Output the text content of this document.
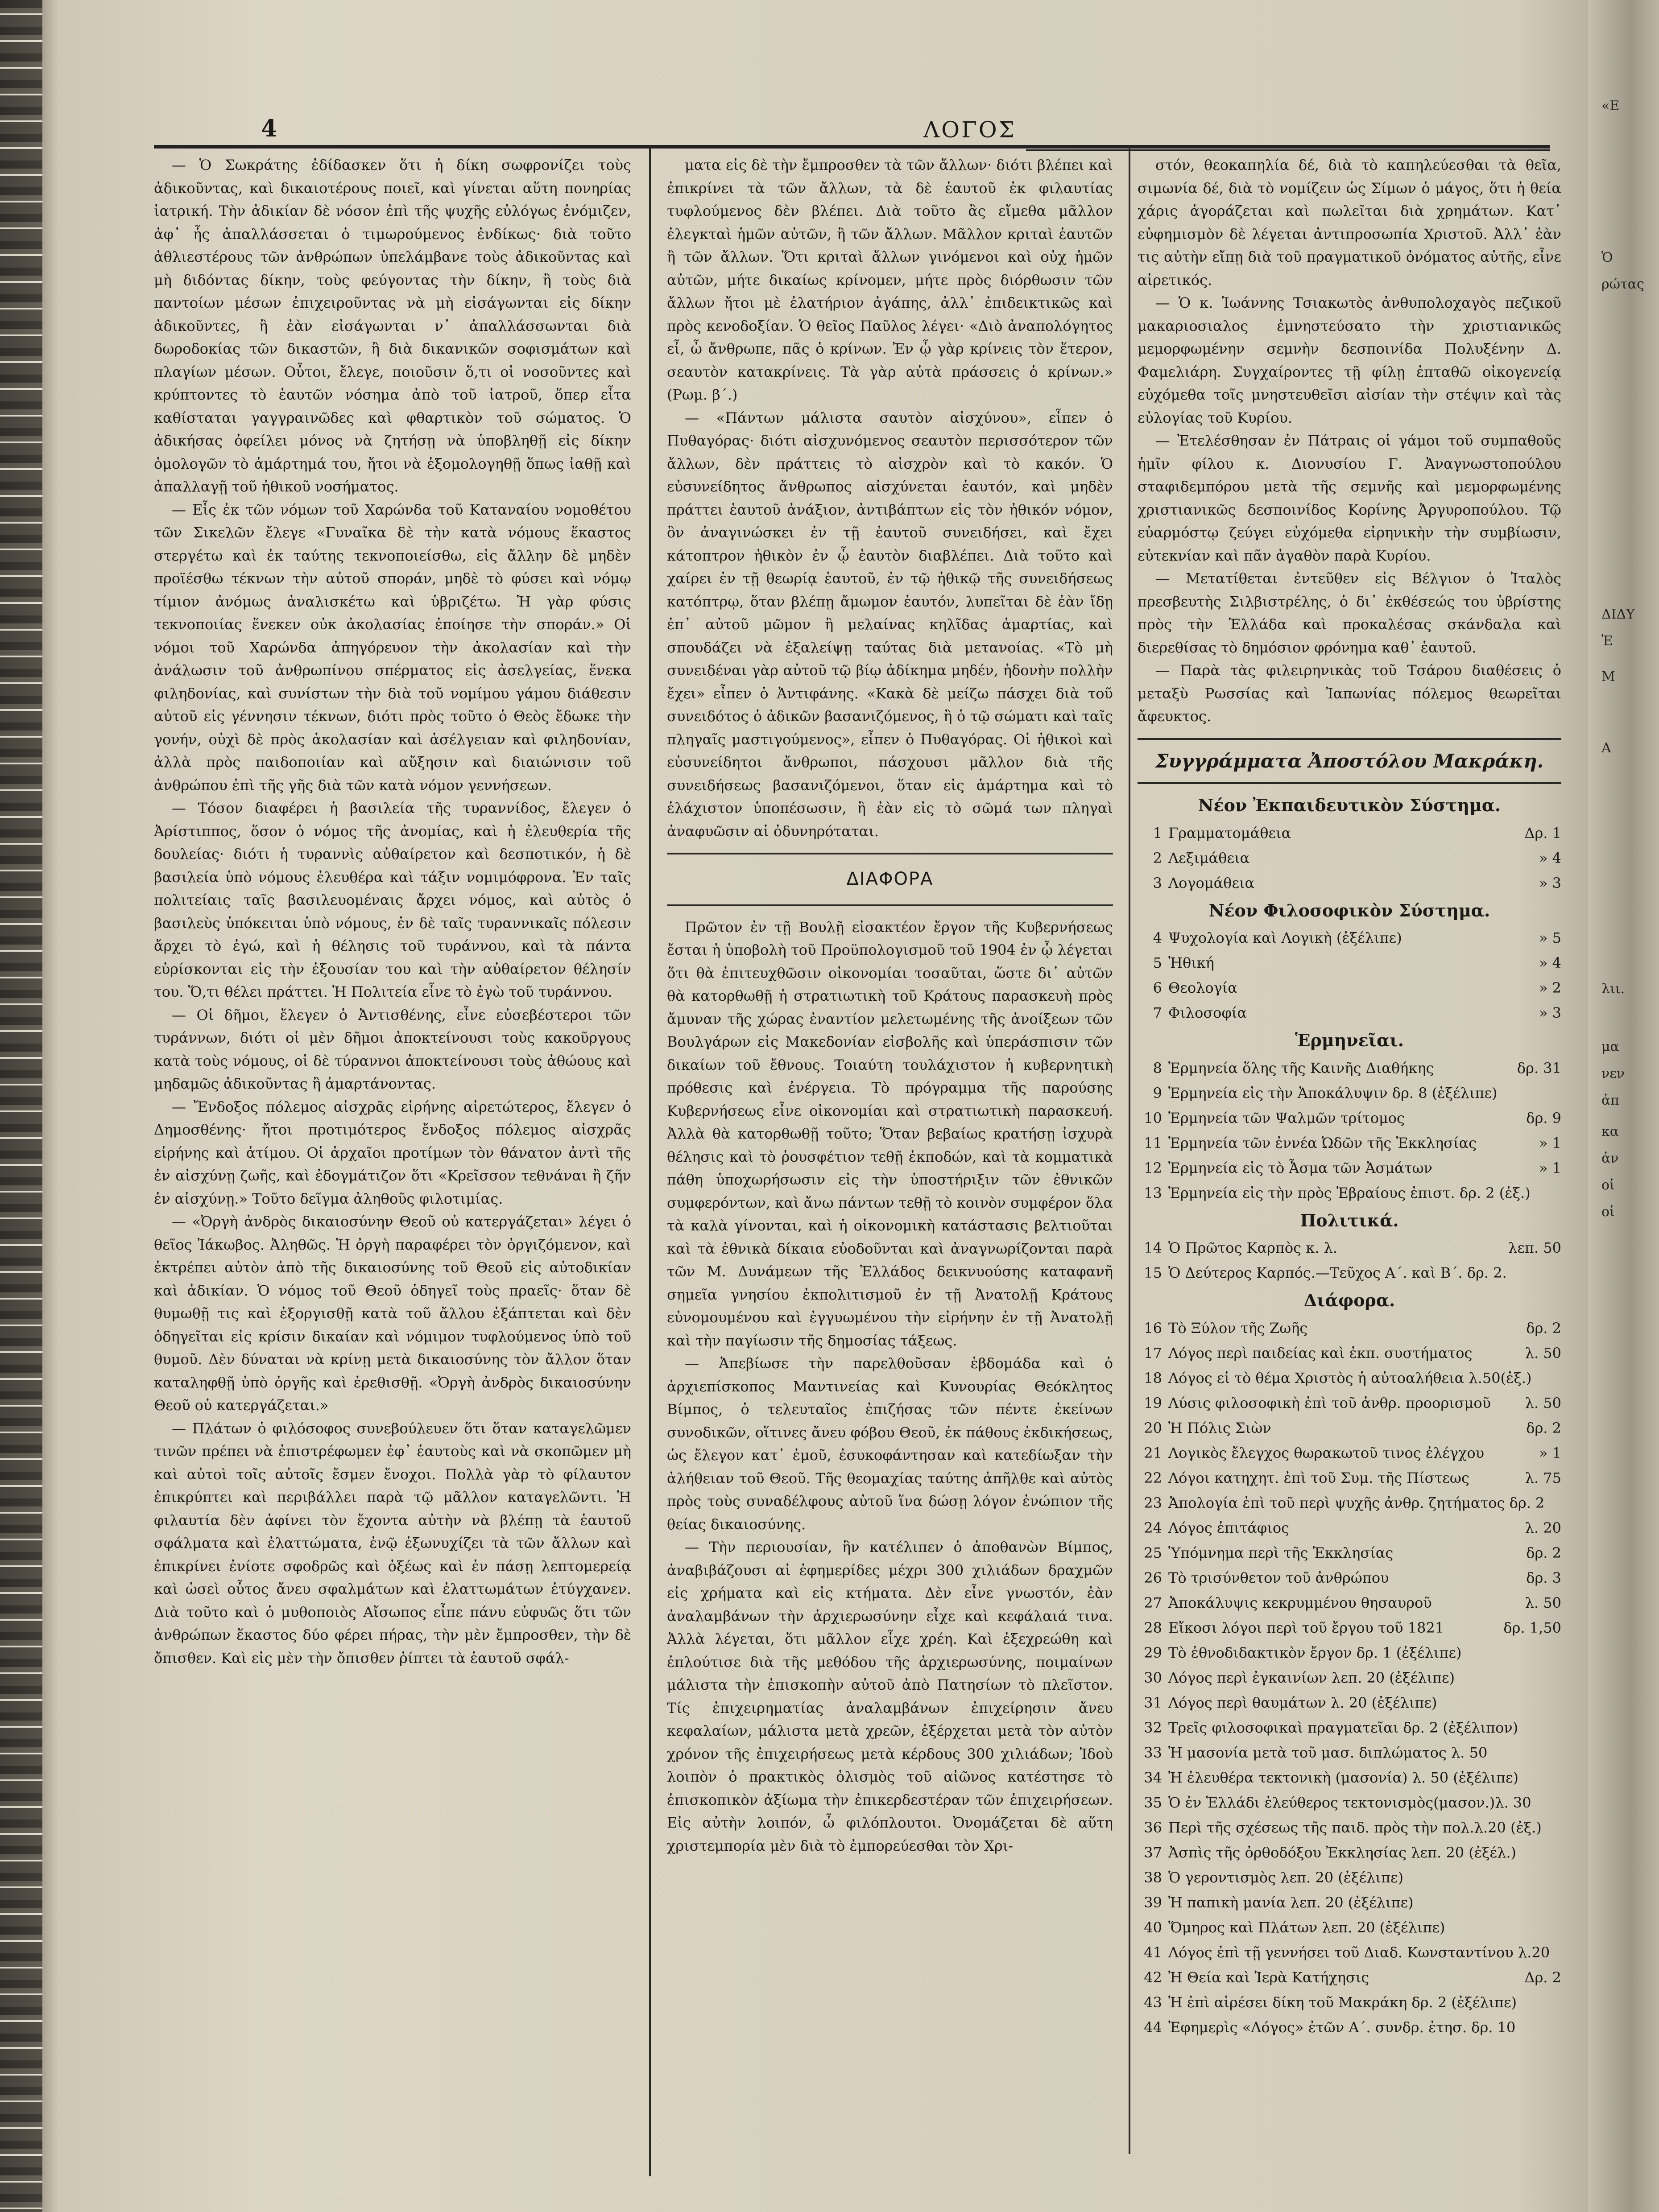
4	ΛΟΓΟΣ

— Ὁ Σωκράτης ἐδίδασκεν ὅτι ἡ δίκη σωφρονίζει τοὺς ἀδικοῦντας, καὶ δικαιοτέρους ποιεῖ, καὶ γίνεται αὕτη πονηρίας ἰατρική. Τὴν ἀδικίαν δὲ νόσον ἐπὶ τῆς ψυχῆς εὐλόγως ἐνόμιζεν, ἀφ᾽ ἧς ἀπαλλάσσεται ὁ τιμωρούμενος ἐνδίκως· διὰ τοῦτο ἀθλιεστέρους τῶν ἀνθρώπων ὑπελάμβανε τοὺς ἀδικοῦντας καὶ μὴ διδόντας δίκην, τοὺς φεύγοντας τὴν δίκην, ἢ τοὺς διὰ παντοίων μέσων ἐπιχειροῦντας νὰ μὴ εἰσάγωνται εἰς δίκην ἀδικοῦντες, ἢ ἐὰν εἰσάγωνται ν᾽ ἀπαλλάσσωνται διὰ δωροδοκίας τῶν δικαστῶν, ἢ διὰ δικανικῶν σοφισμάτων καὶ πλαγίων μέσων. Οὗτοι, ἔλεγε, ποιοῦσιν ὅ,τι οἱ νοσοῦντες καὶ κρύπτοντες τὸ ἑαυτῶν νόσημα ἀπὸ τοῦ ἰατροῦ, ὅπερ εἶτα καθίσταται γαγγραινῶδες καὶ φθαρτικὸν τοῦ σώματος. Ὁ ἀδικήσας ὀφείλει μόνος νὰ ζητήσῃ νὰ ὑποβληθῇ εἰς δίκην ὁμολογῶν τὸ ἁμάρτημά του, ἤτοι νὰ ἐξομολογηθῇ ὅπως ἰαθῇ καὶ ἀπαλλαγῇ τοῦ ἠθικοῦ νοσήματος.

— Εἷς ἐκ τῶν νόμων τοῦ Χαρώνδα τοῦ Καταναίου νομοθέτου τῶν Σικελῶν ἔλεγε «Γυναῖκα δὲ τὴν κατὰ νόμους ἕκαστος στεργέτω καὶ ἐκ ταύτης τεκνοποιείσθω, εἰς ἄλλην δὲ μηδὲν προϊέσθω τέκνων τὴν αὐτοῦ σποράν, μηδὲ τὸ φύσει καὶ νόμῳ τίμιον ἀνόμως ἀναλισκέτω καὶ ὑβριζέτω. Ἡ γὰρ φύσις τεκνοποιίας ἕνεκεν οὐκ ἀκολασίας ἐποίησε τὴν σποράν.» Οἱ νόμοι τοῦ Χαρώνδα ἀπηγόρευον τὴν ἀκολασίαν καὶ τὴν ἀνάλωσιν τοῦ ἀνθρωπίνου σπέρματος εἰς ἀσελγείας, ἕνεκα φιληδονίας, καὶ συνίστων τὴν διὰ τοῦ νομίμου γάμου διάθεσιν αὐτοῦ εἰς γέννησιν τέκνων, διότι πρὸς τοῦτο ὁ Θεὸς ἔδωκε τὴν γονήν, οὐχὶ δὲ πρὸς ἀκολασίαν καὶ ἀσέλγειαν καὶ φιληδονίαν, ἀλλὰ πρὸς παιδοποιίαν καὶ αὔξησιν καὶ διαιώνισιν τοῦ ἀνθρώπου ἐπὶ τῆς γῆς διὰ τῶν κατὰ νόμον γεννήσεων.

— Τόσον διαφέρει ἡ βασιλεία τῆς τυραννίδος, ἔλεγεν ὁ Ἀρίστιππος, ὅσον ὁ νόμος τῆς ἀνομίας, καὶ ἡ ἐλευθερία τῆς δουλείας· διότι ἡ τυραννὶς αὐθαίρετον καὶ δεσποτικόν, ἡ δὲ βασιλεία ὑπὸ νόμους ἐλευθέρα καὶ τάξιν νομιμόφρονα. Ἐν ταῖς πολιτείαις ταῖς βασιλευομέναις ἄρχει νόμος, καὶ αὐτὸς ὁ βασιλεὺς ὑπόκειται ὑπὸ νόμους, ἐν δὲ ταῖς τυραννικαῖς πόλεσιν ἄρχει τὸ ἐγώ, καὶ ἡ θέλησις τοῦ τυράννου, καὶ τὰ πάντα εὑρίσκονται εἰς τὴν ἐξουσίαν του καὶ τὴν αὐθαίρετον θέλησίν του. Ὅ,τι θέλει πράττει. Ἡ Πολιτεία εἶνε τὸ ἐγὼ τοῦ τυράννου.

— Οἱ δῆμοι, ἔλεγεν ὁ Ἀντισθένης, εἶνε εὐσεβέστεροι τῶν τυράννων, διότι οἱ μὲν δῆμοι ἀποκτείνουσι τοὺς κακοῦργους κατὰ τοὺς νόμους, οἱ δὲ τύραννοι ἀποκτείνουσι τοὺς ἀθώους καὶ μηδαμῶς ἀδικοῦντας ἢ ἁμαρτάνοντας.

— Ἔνδοξος πόλεμος αἰσχρᾶς εἰρήνης αἱρετώτερος, ἔλεγεν ὁ Δημοσθένης· ἤτοι προτιμότερος ἔνδοξος πόλεμος αἰσχρᾶς εἰρήνης καὶ ἀτίμου. Οἱ ἀρχαῖοι προτίμων τὸν θάνατον ἀντὶ τῆς ἐν αἰσχύνῃ ζωῆς, καὶ ἐδογμάτιζον ὅτι «Κρεῖσσον τεθνάναι ἢ ζῆν ἐν αἰσχύνῃ.» Τοῦτο δεῖγμα ἀληθοῦς φιλοτιμίας.

— «Ὀργὴ ἀνδρὸς δικαιοσύνην Θεοῦ οὐ κατεργάζεται» λέγει ὁ θεῖος Ἰάκωβος. Ἀληθῶς. Ἡ ὀργὴ παραφέρει τὸν ὀργιζόμενον, καὶ ἐκτρέπει αὐτὸν ἀπὸ τῆς δικαιοσύνης τοῦ Θεοῦ εἰς αὐτοδικίαν καὶ ἀδικίαν. Ὁ νόμος τοῦ Θεοῦ ὁδηγεῖ τοὺς πραεῖς· ὅταν δὲ θυμωθῇ τις καὶ ἐξοργισθῇ κατὰ τοῦ ἄλλου ἐξάπτεται καὶ δὲν ὁδηγεῖται εἰς κρίσιν δικαίαν καὶ νόμιμον τυφλούμενος ὑπὸ τοῦ θυμοῦ. Δὲν δύναται νὰ κρίνῃ μετὰ δικαιοσύνης τὸν ἄλλον ὅταν καταληφθῇ ὑπὸ ὀργῆς καὶ ἐρεθισθῇ. «Ὀργὴ ἀνδρὸς δικαιοσύνην Θεοῦ οὐ κατεργάζεται.»

— Πλάτων ὁ φιλόσοφος συνεβούλευεν ὅτι ὅταν καταγελῶμεν τινῶν πρέπει νὰ ἐπιστρέφωμεν ἐφ᾽ ἑαυτοὺς καὶ νὰ σκοπῶμεν μὴ καὶ αὐτοὶ τοῖς αὐτοῖς ἔσμεν ἔνοχοι. Πολλὰ γὰρ τὸ φίλαυτον ἐπικρύπτει καὶ περιβάλλει παρὰ τῷ μᾶλλον καταγελῶντι. Ἡ φιλαυτία δὲν ἀφίνει τὸν ἔχοντα αὐτὴν νὰ βλέπῃ τὰ ἑαυτοῦ σφάλματα καὶ ἐλαττώματα, ἐνῷ ἐξωνυχίζει τὰ τῶν ἄλλων καὶ ἐπικρίνει ἐνίοτε σφοδρῶς καὶ ὀξέως καὶ ἐν πάσῃ λεπτομερείᾳ καὶ ὡσεὶ οὗτος ἄνευ σφαλμάτων καὶ ἐλαττωμάτων ἐτύγχανεν. Διὰ τοῦτο καὶ ὁ μυθοποιὸς Αἴσωπος εἶπε πάνυ εὐφυῶς ὅτι τῶν ἀνθρώπων ἕκαστος δύο φέρει πήρας, τὴν μὲν ἔμπροσθεν, τὴν δὲ ὄπισθεν. Καὶ εἰς μὲν τὴν ὄπισθεν ῥίπτει τὰ ἑαυτοῦ σφάλ-

ματα εἰς δὲ τὴν ἔμπροσθεν τὰ τῶν ἄλλων· διότι βλέπει καὶ ἐπικρίνει τὰ τῶν ἄλλων, τὰ δὲ ἑαυτοῦ ἐκ φιλαυτίας τυφλούμενος δὲν βλέπει. Διὰ τοῦτο ἂς εἴμεθα μᾶλλον ἐλεγκταὶ ἡμῶν αὐτῶν, ἢ τῶν ἄλλων. Μᾶλλον κριταὶ ἑαυτῶν ἢ τῶν ἄλλων. Ὅτι κριταὶ ἄλλων γινόμενοι καὶ οὐχ ἡμῶν αὐτῶν, μήτε δικαίως κρίνομεν, μήτε πρὸς διόρθωσιν τῶν ἄλλων ἤτοι μὲ ἐλατήριον ἀγάπης, ἀλλ᾽ ἐπιδεικτικῶς καὶ πρὸς κενοδοξίαν. Ὁ θεῖος Παῦλος λέγει· «Διὸ ἀναπολόγητος εἶ, ὦ ἄνθρωπε, πᾶς ὁ κρίνων. Ἐν ᾧ γὰρ κρίνεις τὸν ἕτερον, σεαυτὸν κατακρίνεις. Τὰ γὰρ αὐτὰ πράσσεις ὁ κρίνων.» (Ρωμ. β΄.)

— «Πάντων μάλιστα σαυτὸν αἰσχύνου», εἶπεν ὁ Πυθαγόρας· διότι αἰσχυνόμενος σεαυτὸν περισσότερον τῶν ἄλλων, δὲν πράττεις τὸ αἰσχρὸν καὶ τὸ κακόν. Ὁ εὐσυνείδητος ἄνθρωπος αἰσχύνεται ἑαυτόν, καὶ μηδὲν πράττει ἑαυτοῦ ἀνάξιον, ἀντιβάπτων εἰς τὸν ἠθικόν νόμον, ὃν ἀναγινώσκει ἐν τῇ ἑαυτοῦ συνειδήσει, καὶ ἔχει κάτοπτρον ἠθικὸν ἐν ᾧ ἑαυτὸν διαβλέπει. Διὰ τοῦτο καὶ χαίρει ἐν τῇ θεωρίᾳ ἑαυτοῦ, ἐν τῷ ἠθικῷ τῆς συνειδήσεως κατόπτρῳ, ὅταν βλέπῃ ἄμωμον ἑαυτόν, λυπεῖται δὲ ἐὰν ἴδῃ ἐπ᾽ αὐτοῦ μῶμον ἢ μελαίνας κηλῖδας ἁμαρτίας, καὶ σπουδάζει νὰ ἐξαλείψῃ ταύτας διὰ μετανοίας. «Τὸ μὴ συνειδέναι γὰρ αὐτοῦ τῷ βίῳ ἀδίκημα μηδέν, ἡδονὴν πολλὴν ἔχει» εἶπεν ὁ Ἀντιφάνης. «Κακὰ δὲ μείζω πάσχει διὰ τοῦ συνειδότος ὁ ἀδικῶν βασανιζόμενος, ἢ ὁ τῷ σώματι καὶ ταῖς πληγαῖς μαστιγούμενος», εἶπεν ὁ Πυθαγόρας. Οἱ ἠθικοὶ καὶ εὐσυνείδητοι ἄνθρωποι, πάσχουσι μᾶλλον διὰ τῆς συνειδήσεως βασανιζόμενοι, ὅταν εἰς ἁμάρτημα καὶ τὸ ἐλάχιστον ὑποπέσωσιν, ἢ ἐὰν εἰς τὸ σῶμά των πληγαὶ ἀναφυῶσιν αἱ ὀδυνηρόταται.

ΔΙΑΦΟΡΑ

Πρῶτον ἐν τῇ Βουλῇ εἰσακτέον ἔργον τῆς Κυβερνήσεως ἔσται ἡ ὑποβολὴ τοῦ Προϋπολογισμοῦ τοῦ 1904 ἐν ᾧ λέγεται ὅτι θὰ ἐπιτευχθῶσιν οἰκονομίαι τοσαῦται, ὥστε δι᾽ αὐτῶν θὰ κατορθωθῇ ἡ στρατιωτικὴ τοῦ Κράτους παρασκευὴ πρὸς ἄμυναν τῆς χώρας ἐναντίον μελετωμένης τῆς ἀνοίξεων τῶν Βουλγάρων εἰς Μακεδονίαν εἰσβολῆς καὶ ὑπεράσπισιν τῶν δικαίων τοῦ ἔθνους. Τοιαύτη τουλάχιστον ἡ κυβερνητικὴ πρόθεσις καὶ ἐνέργεια. Τὸ πρόγραμμα τῆς παρούσης Κυβερνήσεως εἶνε οἰκονομίαι καὶ στρατιωτικὴ παρασκευή. Ἀλλὰ θὰ κατορθωθῇ τοῦτο; Ὅταν βεβαίως κρατήσῃ ἰσχυρὰ θέλησις καὶ τὸ ῥουσφέτιον τεθῇ ἐκποδών, καὶ τὰ κομματικὰ πάθη ὑποχωρήσωσιν εἰς τὴν ὑποστήριξιν τῶν ἐθνικῶν συμφερόντων, καὶ ἄνω πάντων τεθῇ τὸ κοινὸν συμφέρον ὅλα τὰ καλὰ γίνονται, καὶ ἡ οἰκονομικὴ κατάστασις βελτιοῦται καὶ τὰ ἐθνικὰ δίκαια εὐοδοῦνται καὶ ἀναγνωρίζονται παρὰ τῶν Μ. Δυνάμεων τῆς Ἑλλάδος δεικνυούσης καταφανῆ σημεῖα γνησίου ἐκπολιτισμοῦ ἐν τῇ Ἀνατολῇ Κράτους εὐνομουμένου καὶ ἐγγυωμένου τὴν εἰρήνην ἐν τῇ Ἀνατολῇ καὶ τὴν παγίωσιν τῆς δημοσίας τάξεως.

— Ἀπεβίωσε τὴν παρελθοῦσαν ἑβδομάδα καὶ ὁ ἀρχιεπίσκοπος Μαντινείας καὶ Κυνουρίας Θεόκλητος Βίμπος, ὁ τελευταῖος ἐπιζήσας τῶν πέντε ἐκείνων συνοδικῶν, οἵτινες ἄνευ φόβου Θεοῦ, ἐκ πάθους ἐκδικήσεως, ὡς ἔλεγον κατ᾽ ἐμοῦ, ἐσυκοφάντησαν καὶ κατεδίωξαν τὴν ἀλήθειαν τοῦ Θεοῦ. Τῆς θεομαχίας ταύτης ἀπῆλθε καὶ αὐτὸς πρὸς τοὺς συναδέλφους αὐτοῦ ἵνα δώσῃ λόγον ἐνώπιον τῆς θείας δικαιοσύνης.

— Τὴν περιουσίαν, ἣν κατέλιπεν ὁ ἀποθανὼν Βίμπος, ἀναβιβάζουσι αἱ ἐφημερίδες μέχρι 300 χιλιάδων δραχμῶν εἰς χρήματα καὶ εἰς κτήματα. Δὲν εἶνε γνωστόν, ἐὰν ἀναλαμβάνων τὴν ἀρχιερωσύνην εἶχε καὶ κεφάλαιά τινα. Ἀλλὰ λέγεται, ὅτι μᾶλλον εἶχε χρέη. Καὶ ἐξεχρεώθη καὶ ἐπλούτισε διὰ τῆς μεθόδου τῆς ἀρχιερωσύνης, ποιμαίνων μάλιστα τὴν ἐπισκοπὴν αὐτοῦ ἀπὸ Πατησίων τὸ πλεῖστον. Τίς ἐπιχειρηματίας ἀναλαμβάνων ἐπιχείρησιν ἄνευ κεφαλαίων, μάλιστα μετὰ χρεῶν, ἐξέρχεται μετὰ τὸν αὐτὸν χρόνον τῆς ἐπιχειρήσεως μετὰ κέρδους 300 χιλιάδων; Ἰδοὺ λοιπὸν ὁ πρακτικὸς ὁλισμὸς τοῦ αἰῶνος κατέστησε τὸ ἐπισκοπικὸν ἀξίωμα τὴν ἐπικερδεστέραν τῶν ἐπιχειρήσεων. Εἰς αὐτὴν λοιπόν, ὦ φιλόπλουτοι. Ὀνομάζεται δὲ αὕτη χριστεμπορία μὲν διὰ τὸ ἐμπορεύεσθαι τὸν Χρι-

στόν, θεοκαπηλία δέ, διὰ τὸ καπηλεύεσθαι τὰ θεῖα, σιμωνία δέ, διὰ τὸ νομίζειν ὡς Σίμων ὁ μάγος, ὅτι ἡ θεία χάρις ἀγοράζεται καὶ πωλεῖται διὰ χρημάτων. Κατ᾽ εὐφημισμὸν δὲ λέγεται ἀντιπροσωπία Χριστοῦ. Ἀλλ᾽ ἐὰν τις αὐτὴν εἴπῃ διὰ τοῦ πραγματικοῦ ὀνόματος αὐτῆς, εἶνε αἱρετικός.

— Ὁ κ. Ἰωάννης Τσιακωτὸς ἀνθυπολοχαγὸς πεζικοῦ μακαριοσιαλος ἐμνηστεύσατο τὴν χριστιανικῶς μεμορφωμένην σεμνὴν δεσποινίδα Πολυξένην Δ. Φαμελιάρη. Συγχαίροντες τῇ φίλῃ ἐπταθῶ οἰκογενείᾳ εὐχόμεθα τοῖς μνηστευθεῖσι αἰσίαν τὴν στέψιν καὶ τὰς εὐλογίας τοῦ Κυρίου.

— Ἐτελέσθησαν ἐν Πάτραις οἱ γάμοι τοῦ συμπαθοῦς ἡμῖν φίλου κ. Διονυσίου Γ. Ἀναγνωστοπούλου σταφιδεμπόρου μετὰ τῆς σεμνῆς καὶ μεμορφωμένης χριστιανικῶς δεσποινίδος Κορίνης Ἀργυροπούλου. Τῷ εὐαρμόστῳ ζεύγει εὐχόμεθα εἰρηνικὴν τὴν συμβίωσιν, εὐτεκνίαν καὶ πᾶν ἀγαθὸν παρὰ Κυρίου.

— Μετατίθεται ἐντεῦθεν εἰς Βέλγιον ὁ Ἰταλὸς πρεσβευτὴς Σιλβιστρέλης, ὁ δι᾽ ἐκθέσεώς του ὑβρίστης πρὸς τὴν Ἑλλάδα καὶ προκαλέσας σκάνδαλα καὶ διερεθίσας τὸ δημόσιον φρόνημα καθ᾽ ἑαυτοῦ.

— Παρὰ τὰς φιλειρηνικὰς τοῦ Τσάρου διαθέσεις ὁ μεταξὺ Ρωσσίας καὶ Ἰαπωνίας πόλεμος θεωρεῖται ἄφευκτος.

Συγγράμματα Ἀποστόλου Μακράκη.
Νέον Ἐκπαιδευτικὸν Σύστημα.
1 Γραμματομάθεια	Δρ. 1
2 Λεξιμάθεια	» 4
3 Λογομάθεια	» 3
Νέον Φιλοσοφικὸν Σύστημα.
4 Ψυχολογία καὶ Λογικὴ (ἐξέλιπε)	» 5
5 Ἠθική	» 4
6 Θεολογία	» 2
7 Φιλοσοφία	» 3
Ἑρμηνεῖαι.
8 Ἑρμηνεία ὅλης τῆς Καινῆς Διαθήκης	δρ. 31
9 Ἑρμηνεία εἰς τὴν Ἀποκάλυψιν δρ. 8 (ἐξέλιπε)
10 Ἑρμηνεία τῶν Ψαλμῶν τρίτομος	δρ. 9
11 Ἑρμηνεία τῶν ἐννέα Ὠδῶν τῆς Ἐκκλησίας	» 1
12 Ἑρμηνεία εἰς τὸ Ἆσμα τῶν Ἀσμάτων	» 1
13 Ἑρμηνεία εἰς τὴν πρὸς Ἑβραίους ἐπιστ. δρ. 2 (ἐξ.)
Πολιτικά.
14 Ὁ Πρῶτος Καρπὸς κ. λ.	λεπ. 50
15 Ὁ Δεύτερος Καρπός.—Τεῦχος Α΄. καὶ Β΄. δρ. 2.
Διάφορα.
16 Τὸ Ξύλον τῆς Ζωῆς	δρ. 2
17 Λόγος περὶ παιδείας καὶ ἐκπ. συστήματος	λ. 50
18 Λόγος εἰ τὸ θέμα Χριστὸς ἡ αὐτοαλήθεια λ.50(ἐξ.)
19 Λύσις φιλοσοφικὴ ἐπὶ τοῦ ἀνθρ. προορισμοῦ	λ. 50
20 Ἡ Πόλις Σιὼν	δρ. 2
21 Λογικὸς ἔλεγχος θωρακωτοῦ τινος ἐλέγχου	» 1
22 Λόγοι κατηχητ. ἐπὶ τοῦ Συμ. τῆς Πίστεως	λ. 75
23 Ἀπολογία ἐπὶ τοῦ περὶ ψυχῆς ἀνθρ. ζητήματος δρ. 2
24 Λόγος ἐπιτάφιος	λ. 20
25 Ὑπόμνημα περὶ τῆς Ἐκκλησίας	δρ. 2
26 Τὸ τρισύνθετον τοῦ ἀνθρώπου	δρ. 3
27 Ἀποκάλυψις κεκρυμμένου θησαυροῦ	λ. 50
28 Εἴκοσι λόγοι περὶ τοῦ ἔργου τοῦ 1821	δρ. 1,50
29 Τὸ ἐθνοδιδακτικὸν ἔργον δρ. 1 (ἐξέλιπε)
30 Λόγος περὶ ἐγκαινίων λεπ. 20 (ἐξέλιπε)
31 Λόγος περὶ θαυμάτων λ. 20 (ἐξέλιπε)
32 Τρεῖς φιλοσοφικαὶ πραγματεῖαι δρ. 2 (ἐξέλιπον)
33 Ἡ μασονία μετὰ τοῦ μασ. διπλώματος λ. 50
34 Ἡ ἐλευθέρα τεκτονικὴ (μασονία) λ. 50 (ἐξέλιπε)
35 Ὁ ἐν Ἑλλάδι ἐλεύθερος τεκτονισμὸς(μασον.)λ. 30
36 Περὶ τῆς σχέσεως τῆς παιδ. πρὸς τὴν πολ.λ.20 (ἐξ.)
37 Ἀσπὶς τῆς ὀρθοδόξου Ἐκκλησίας λεπ. 20 (ἐξέλ.)
38 Ὁ γεροντισμὸς λεπ. 20 (ἐξέλιπε)
39 Ἡ παπικὴ μανία λεπ. 20 (ἐξέλιπε)
40 Ὅμηρος καὶ Πλάτων λεπ. 20 (ἐξέλιπε)
41 Λόγος ἐπὶ τῇ γεννήσει τοῦ Διαδ. Κωνσταντίνου λ.20
42 Ἡ Θεία καὶ Ἱερὰ Κατήχησις	Δρ. 2
43 Ἡ ἐπὶ αἱρέσει δίκη τοῦ Μακράκη δρ. 2 (ἐξέλιπε)
44 Ἐφημερὶς «Λόγος» ἐτῶν Α΄. συνδρ. ἐτησ. δρ. 10
«Ε
Ὁ
ρώτας
ΔΙΔΥ
Ἐ
Μ
Α
λιι.
μα
νεν
ἀπ
κα
ἀν
οἱ
οἱ
